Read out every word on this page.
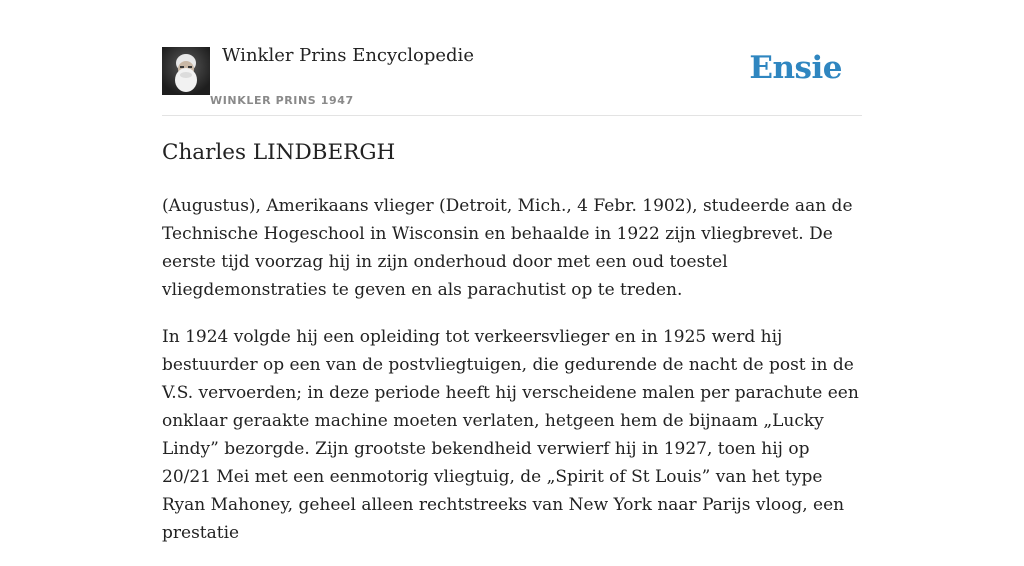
Winkler Prins Encyclopedie
WINKLER PRINS 1947
Ensie
Charles LINDBERGH

(Augustus), Amerikaans vlieger (Detroit, Mich., 4 Febr. 1902), studeerde aan de Technische Hogeschool in Wisconsin en behaalde in 1922 zijn vliegbrevet. De eerste tijd voorzag hij in zijn onderhoud door met een oud toestel vliegdemonstraties te geven en als parachutist op te treden.

In 1924 volgde hij een opleiding tot verkeersvlieger en in 1925 werd hij bestuurder op een van de postvliegtuigen, die gedurende de nacht de post in de V.S. vervoerden; in deze periode heeft hij verscheidene malen per parachute een onklaar geraakte machine moeten verlaten, hetgeen hem de bijnaam „Lucky Lindy” bezorgde. Zijn grootste bekendheid verwierf hij in 1927, toen hij op 20/21 Mei met een eenmotorig vliegtuig, de „Spirit of St Louis” van het type Ryan Mahoney, geheel alleen rechtstreeks van New York naar Parijs vloog, een prestatie
